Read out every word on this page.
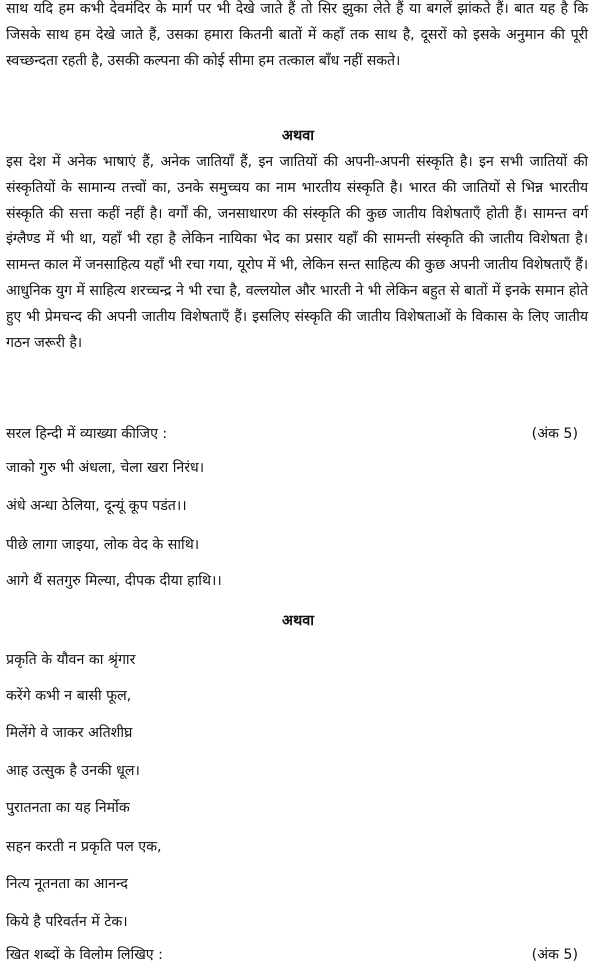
साथ यदि हम कभी देवमंदिर के मार्ग पर भी देखे जाते हैं तो सिर झुका लेते हैं या बगलें झांकते हैं। बात यह है कि जिसके साथ हम देखे जाते हैं, उसका हमारा कितनी बातों में कहाँ तक साथ है, दूसरों को इसके अनुमान की पूरी स्वच्छन्दता रहती है, उसकी कल्पना की कोई सीमा हम तत्काल बाँध नहीं सकते।

अथवा

इस देश में अनेक भाषाएं हैं, अनेक जातियाँ हैं, इन जातियों की अपनी-अपनी संस्कृति है। इन सभी जातियों की संस्कृतियों के सामान्य तत्त्वों का, उनके समुच्चय का नाम भारतीय संस्कृति है। भारत की जातियों से भिन्न भारतीय संस्कृति की सत्ता कहीं नहीं है। वर्गों की, जनसाधारण की संस्कृति की कुछ जातीय विशेषताएँ होती हैं। सामन्त वर्ग इंग्लैण्ड में भी था, यहाँ भी रहा है लेकिन नायिका भेद का प्रसार यहाँ की सामन्ती संस्कृति की जातीय विशेषता है। सामन्त काल में जनसाहित्य यहाँ भी रचा गया, यूरोप में भी, लेकिन सन्त साहित्य की कुछ अपनी जातीय विशेषताएँ हैं। आधुनिक युग में साहित्य शरच्चन्द्र ने भी रचा है, वल्लयोल और भारती ने भी लेकिन बहुत से बातों में इनके समान होते हुए भी प्रेमचन्द की अपनी जातीय विशेषताएँ हैं। इसलिए संस्कृति की जातीय विशेषताओं के विकास के लिए जातीय गठन जरूरी है।

सरल हिन्दी में व्याख्या कीजिए :	(अंक 5)
जाको गुरु भी अंधला, चेला खरा निरंध।
अंधे अन्धा ठेलिया, दून्यूं कूप पडंत।।
पीछे लागा जाइया, लोक वेद के साथि।
आगे थैं सतगुरु मिल्या, दीपक दीया हाथि।।
अथवा
प्रकृति के यौवन का श्रृंगार
करेंगे कभी न बासी फूल,
मिलेंगे वे जाकर अतिशीघ्र
आह उत्सुक है उनकी धूल।
पुरातनता का यह निर्मोक
सहन करती न प्रकृति पल एक,
नित्य नूतनता का आनन्द
किये है परिवर्तन में टेक।
खित शब्दों के विलोम लिखिए :	(अंक 5)
